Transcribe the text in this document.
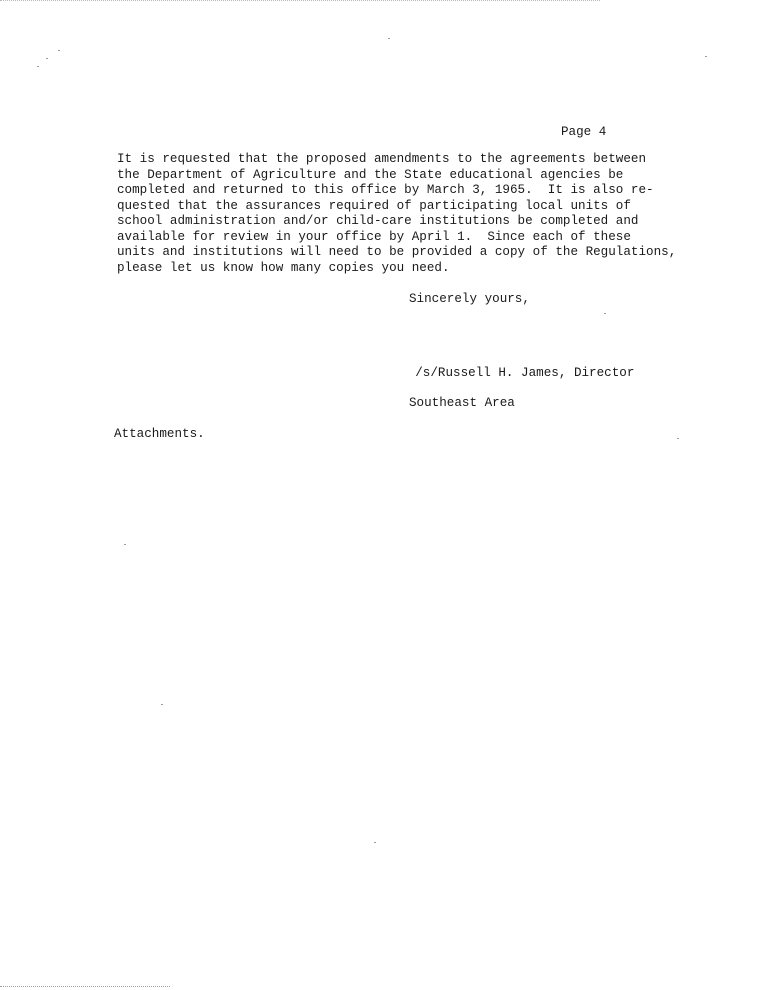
Page 4

It is requested that the proposed amendments to the agreements between
the Department of Agriculture and the State educational agencies be
completed and returned to this office by March 3, 1965.  It is also re-
quested that the assurances required of participating local units of
school administration and/or child-care institutions be completed and
available for review in your office by April 1.  Since each of these
units and institutions will need to be provided a copy of the Regulations,
please let us know how many copies you need.

Sincerely yours,

/s/Russell H. James, Director

Southeast Area

Attachments.
